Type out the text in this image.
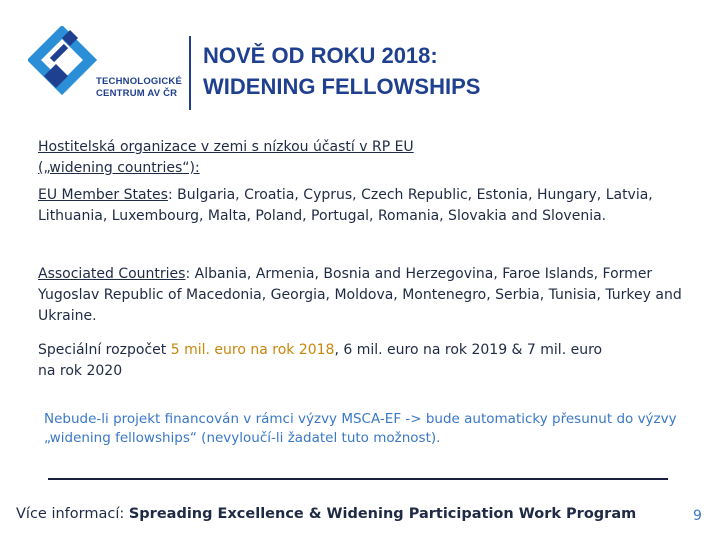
TECHNOLOGICKÉ
CENTRUM AV ČR
NOVĚ OD ROKU 2018:
WIDENING FELLOWSHIPS
Hostitelská organizace v zemi s nízkou účastí v RP EU
(„widening countries“):
EU Member States: Bulgaria, Croatia, Cyprus, Czech Republic, Estonia, Hungary, Latvia, Lithuania, Luxembourg, Malta, Poland, Portugal, Romania, Slovakia and Slovenia.
Associated Countries: Albania, Armenia, Bosnia and Herzegovina, Faroe Islands, Former Yugoslav Republic of Macedonia, Georgia, Moldova, Montenegro, Serbia, Tunisia, Turkey and Ukraine.
Speciální rozpočet 5 mil. euro na rok 2018, 6 mil. euro na rok 2019 & 7 mil. euro na rok 2020
Nebude-li projekt financován v rámci výzvy MSCA-EF -> bude automaticky přesunut do výzvy „widening fellowships“ (nevyloučí-li žadatel tuto možnost).
Více informací: Spreading Excellence & Widening Participation Work Program	9
